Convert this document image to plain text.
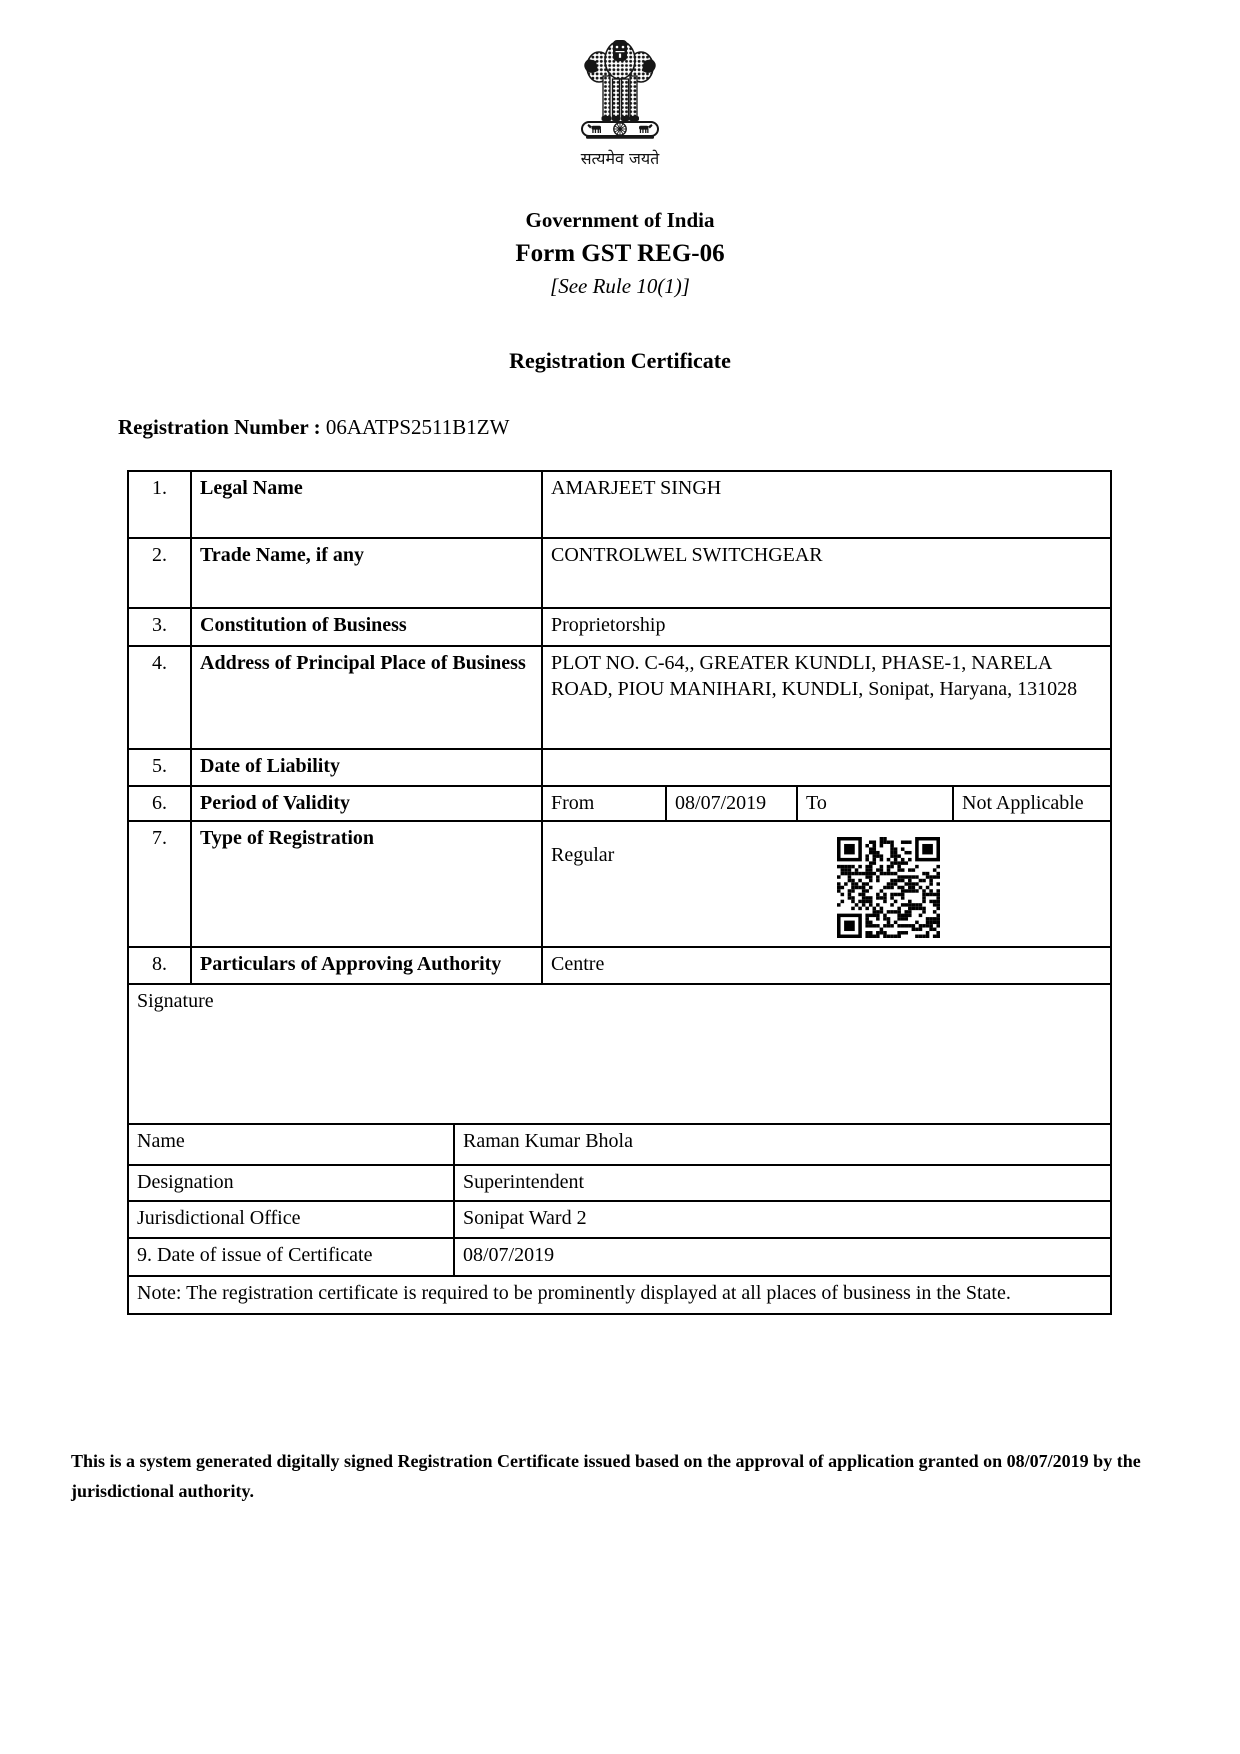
सत्यमेव जयते
Government of India
Form GST REG-06
[See Rule 10(1)]
Registration Certificate
Registration Number : 06AATPS2511B1ZW
1.	Legal Name		AMARJEET SINGH			
2.	Trade Name, if any		CONTROLWEL SWITCHGEAR			
3.	Constitution of Business		Proprietorship			
4.	Address of Principal Place of Business		PLOT NO. C-64,, GREATER KUNDLI, PHASE-1, NARELA ROAD, PIOU MANIHARI, KUNDLI, Sonipat, Haryana, 131028			
5.	Date of Liability					
6.	Period of Validity		From	08/07/2019	To	Not Applicable
7.	Type of Registration		Regular			

8.	Particulars of Approving Authority		Centre			
Signature						
Name		Raman Kumar Bhola				
Designation		Superintendent				
Jurisdictional Office		Sonipat Ward 2				
9. Date of issue of Certificate		08/07/2019				
Note: The registration certificate is required to be prominently displayed at all places of business in the State.						
This is a system generated digitally signed Registration Certificate issued based on the approval of application granted on 08/07/2019 by the jurisdictional authority.
